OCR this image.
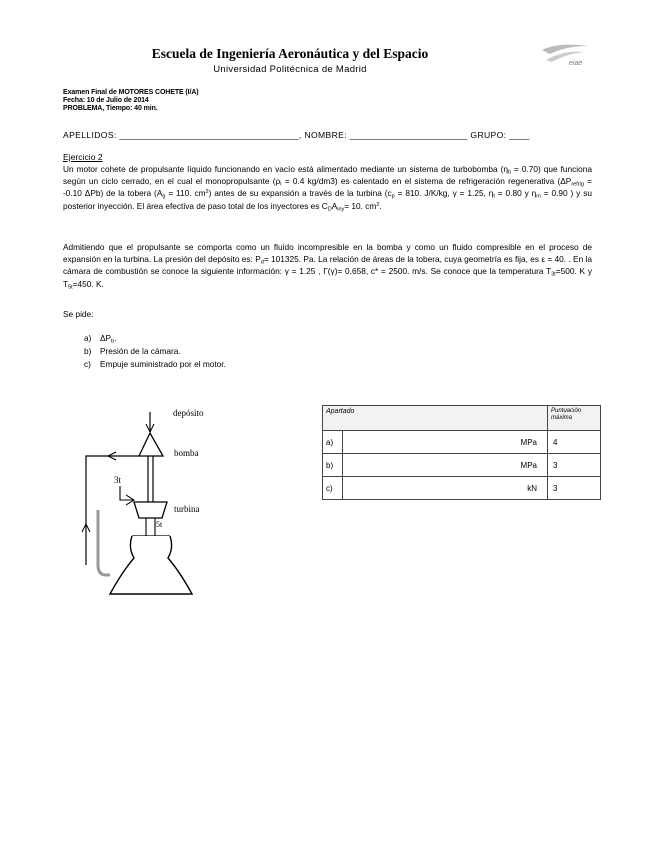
Escuela de Ingeniería Aeronáutica y del Espacio
Universidad Politécnica de Madrid
eiae
Examen Final de MOTORES COHETE (I/A)
Fecha: 10 de Julio de 2014
PROBLEMA, Tiempo: 40 min.
APELLIDOS: ___________________________________, NOMBRE: _______________________ GRUPO: ____
Ejercicio 2
Un motor cohete de propulsante líquido funcionando en vacío está alimentado mediante un sistema de turbobomba $(\eta_b = 0.70)$ que funciona según un ciclo cerrado, en el cual el monopropulsante ($\rho_l = 0.4$ kg/dm3) es calentado en el sistema de refrigeración regenerativa ($\Delta P_{refrig} = -0.10$ ΔPb) de la tobera ($A_g = 110$. $cm^2$) antes de su expansión a través de la turbina ($c_p = 810$. J/K/kg, γ = 1.25, $\eta_t = 0.80$ y $\eta_m = 0.90$ ) y su posterior inyección. El área efectiva de paso total de los inyectores es $C_DA_{iny}= 10$. $cm^2$.
Admitiendo que el propulsante se comporta como un fluido incompresible en la bomba y como un fluido compresible en el proceso de expansión en la turbina. La presión del depósito es: $P_d= 101325$. Pa. La relación de áreas de la tobera, cuya geometría es fija, es ε = 40. . En la cámara de combustión se conoce la siguiente información: γ = 1.25 , Γ(γ)= 0.658, c* = 2500. m/s. Se conoce que la temperatura $T_{3t}=500$. K y $T_{5t}=450$. K.
Se pide:
a) $\Delta P_b$.
b) Presión de la cámara.
c) Empuje suministrado por el motor.
depósito
bomba
turbina
3t
5t
Apartado		Puntuación máxima
a)	MPa	4
b)	MPa	3
c)	kN	3
